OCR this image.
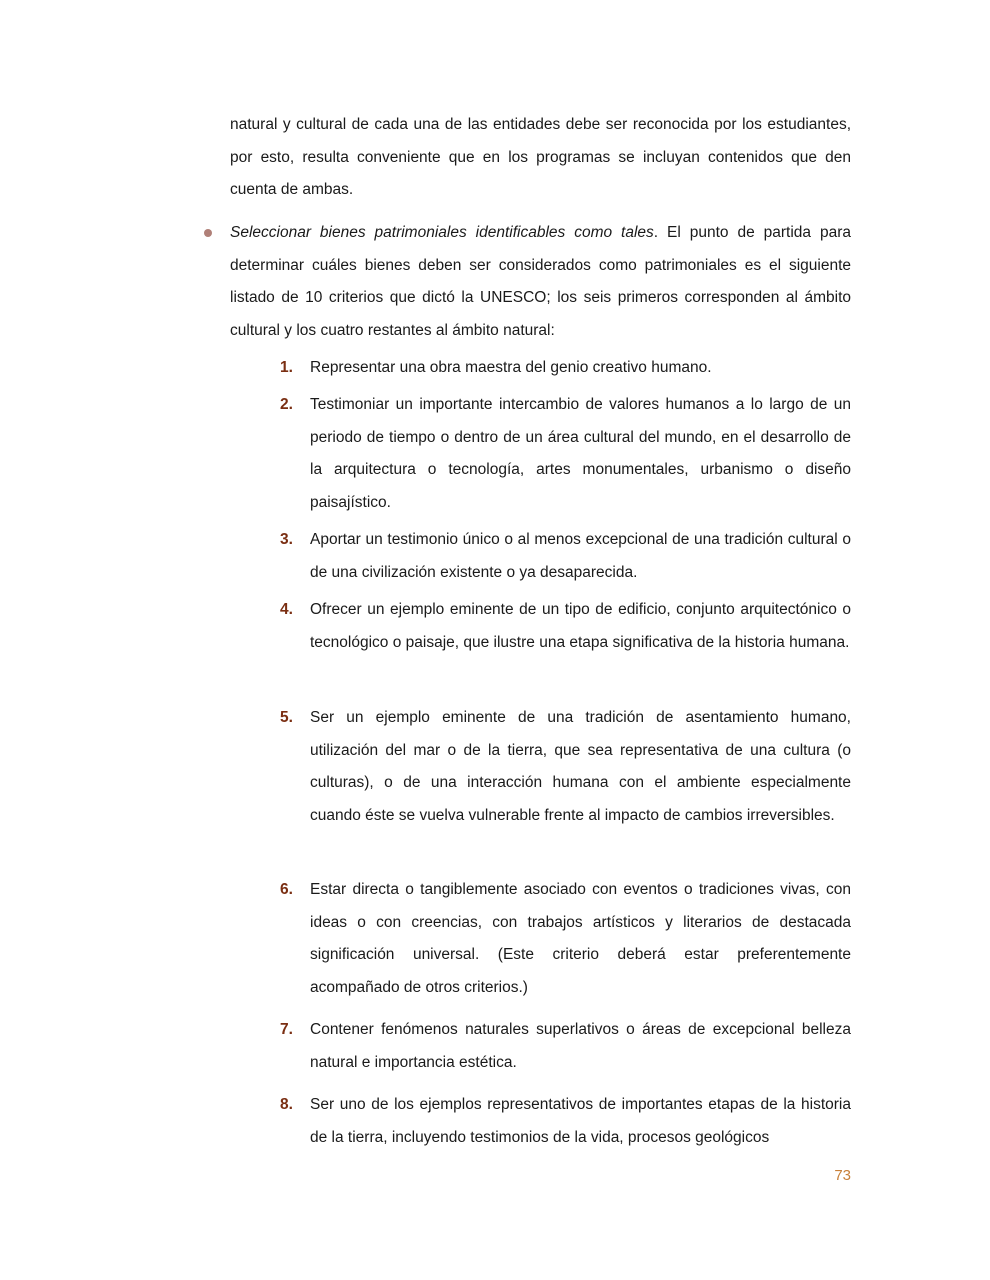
natural y cultural de cada una de las entidades debe ser reconocida por los estudiantes, por esto, resulta conveniente que en los programas se incluyan contenidos que den cuenta de ambas.

Seleccionar bienes patrimoniales identificables como tales. El punto de partida para determinar cuáles bienes deben ser considerados como patrimoniales es el siguiente listado de 10 criterios que dictó la UNESCO; los seis primeros corresponden al ámbito cultural y los cuatro restantes al ámbito natural:

1. Representar una obra maestra del genio creativo humano.

2. Testimoniar un importante intercambio de valores humanos a lo largo de un periodo de tiempo o dentro de un área cultural del mundo, en el desarrollo de la arquitectura o tecnología, artes monumentales, urbanismo o diseño paisajístico.

3. Aportar un testimonio único o al menos excepcional de una tradición cultural o de una civilización existente o ya desaparecida.

4. Ofrecer un ejemplo eminente de un tipo de edificio, conjunto arquitectónico o tecnológico o paisaje, que ilustre una etapa significativa de la historia humana.

5. Ser un ejemplo eminente de una tradición de asentamiento humano, utilización del mar o de la tierra, que sea representativa de una cultura (o culturas), o de una interacción humana con el ambiente especialmente cuando éste se vuelva vulnerable frente al impacto de cambios irreversibles.

6. Estar directa o tangiblemente asociado con eventos o tradiciones vivas, con ideas o con creencias, con trabajos artísticos y literarios de destacada significación universal. (Este criterio deberá estar preferentemente acompañado de otros criterios.)

7. Contener fenómenos naturales superlativos o áreas de excepcional belleza natural e importancia estética.

8. Ser uno de los ejemplos representativos de importantes etapas de la historia de la tierra, incluyendo testimonios de la vida, procesos geológicos

73
